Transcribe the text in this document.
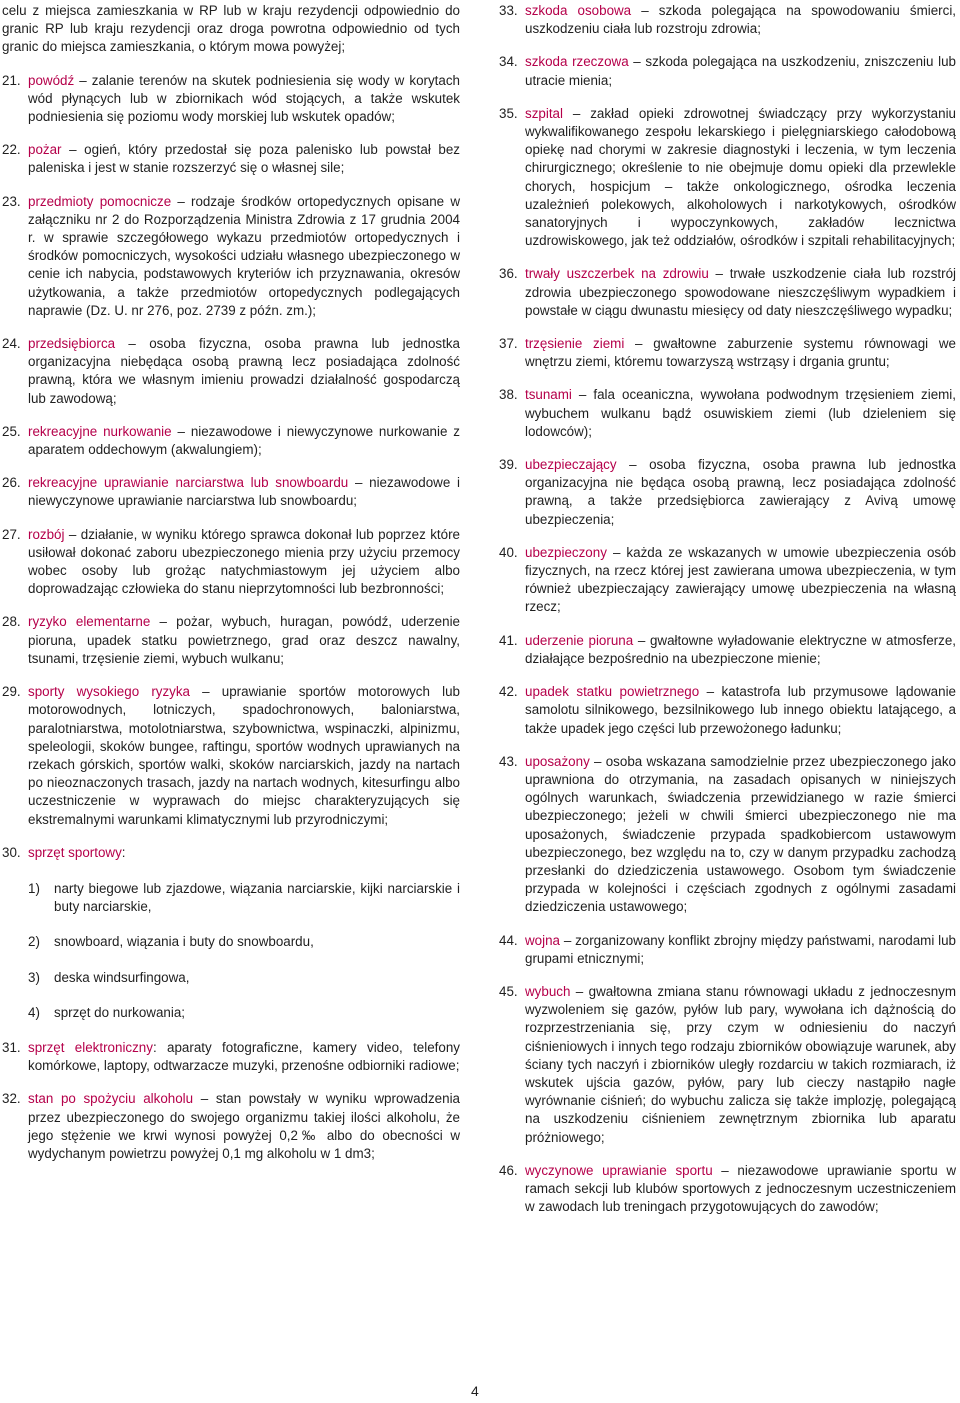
celu z miejsca zamieszkania w RP lub w kraju rezydencji odpowiednio do granic RP lub kraju rezydencji oraz droga powrotna odpowiednio od tych granic do miejsca zamieszkania, o którym mowa powyżej;

21. powódź – zalanie terenów na skutek podniesienia się wody w korytach wód płynących lub w zbiornikach wód stojących, a także wskutek podniesienia się poziomu wody morskiej lub wskutek opadów;
22. pożar – ogień, który przedostał się poza palenisko lub powstał bez paleniska i jest w stanie rozszerzyć się o własnej sile;
23. przedmioty pomocnicze – rodzaje środków ortopedycznych opisane w załączniku nr 2 do Rozporządzenia Ministra Zdrowia z 17 grudnia 2004 r. w sprawie szczegółowego wykazu przedmiotów ortopedycznych i środków pomocniczych, wysokości udziału własnego ubezpieczonego w cenie ich nabycia, podstawowych kryteriów ich przyznawania, okresów użytkowania, a także przedmiotów ortopedycznych podlegających naprawie (Dz. U. nr 276, poz. 2739 z późn. zm.);
24. przedsiębiorca – osoba fizyczna, osoba prawna lub jednostka organizacyjna niebędąca osobą prawną lecz posiadająca zdolność prawną, która we własnym imieniu prowadzi działalność gospodarczą lub zawodową;
25. rekreacyjne nurkowanie – niezawodowe i niewyczynowe nurkowanie z aparatem oddechowym (akwalungiem);
26. rekreacyjne uprawianie narciarstwa lub snowboardu – niezawodowe i niewyczynowe uprawianie narciarstwa lub snowboardu;
27. rozbój – działanie, w wyniku którego sprawca dokonał lub poprzez które usiłował dokonać zaboru ubezpieczonego mienia przy użyciu przemocy wobec osoby lub grożąc natychmiastowym jej użyciem albo doprowadzając człowieka do stanu nieprzytomności lub bezbronności;
28. ryzyko elementarne – pożar, wybuch, huragan, powódź, uderzenie pioruna, upadek statku powietrznego, grad oraz deszcz nawalny, tsunami, trzęsienie ziemi, wybuch wulkanu;
29. sporty wysokiego ryzyka – uprawianie sportów motorowych lub motorowodnych, lotniczych, spadochronowych, baloniarstwa, paralotniarstwa, motolotniarstwa, szybownictwa, wspinaczki, alpinizmu, speleologii, skoków bungee, raftingu, sportów wodnych uprawianych na rzekach górskich, sportów walki, skoków narciarskich, jazdy na nartach po nieoznaczonych trasach, jazdy na nartach wodnych, kitesurfingu albo uczestniczenie w wyprawach do miejsc charakteryzujących się ekstremalnymi warunkami klimatycznymi lub przyrodniczymi;
30. sprzęt sportowy:
1) narty biegowe lub zjazdowe, wiązania narciarskie, kijki narciarskie i buty narciarskie,
2) snowboard, wiązania i buty do snowboardu,
3) deska windsurfingowa,
4) sprzęt do nurkowania;
31. sprzęt elektroniczny: aparaty fotograficzne, kamery video, telefony komórkowe, laptopy, odtwarzacze muzyki, przenośne odbiorniki radiowe;
32. stan po spożyciu alkoholu – stan powstały w wyniku wprowadzenia przez ubezpieczonego do swojego organizmu takiej ilości alkoholu, że jego stężenie we krwi wynosi powyżej 0,2‰ albo do obecności w wydychanym powietrzu powyżej 0,1 mg alkoholu w 1 dm3;
33. szkoda osobowa – szkoda polegająca na spowodowaniu śmierci, uszkodzeniu ciała lub rozstroju zdrowia;
34. szkoda rzeczowa – szkoda polegająca na uszkodzeniu, zniszczeniu lub utracie mienia;
35. szpital – zakład opieki zdrowotnej świadczący przy wykorzystaniu wykwalifikowanego zespołu lekarskiego i pielęgniarskiego całodobową opiekę nad chorymi w zakresie diagnostyki i leczenia, w tym leczenia chirurgicznego; określenie to nie obejmuje domu opieki dla przewlekle chorych, hospicjum – także onkologicznego, ośrodka leczenia uzależnień polekowych, alkoholowych i narkotykowych, ośrodków sanatoryjnych i wypoczynkowych, zakładów lecznictwa uzdrowiskowego, jak też oddziałów, ośrodków i szpitali rehabilitacyjnych;
36. trwały uszczerbek na zdrowiu – trwałe uszkodzenie ciała lub rozstrój zdrowia ubezpieczonego spowodowane nieszczęśliwym wypadkiem i powstałe w ciągu dwunastu miesięcy od daty nieszczęśliwego wypadku;
37. trzęsienie ziemi – gwałtowne zaburzenie systemu równowagi we wnętrzu ziemi, któremu towarzyszą wstrząsy i drgania gruntu;
38. tsunami – fala oceaniczna, wywołana podwodnym trzęsieniem ziemi, wybuchem wulkanu bądź osuwiskiem ziemi (lub dzieleniem się lodowców);
39. ubezpieczający – osoba fizyczna, osoba prawna lub jednostka organizacyjna nie będąca osobą prawną, lecz posiadająca zdolność prawną, a także przedsiębiorca zawierający z Avivą umowę ubezpieczenia;
40. ubezpieczony – każda ze wskazanych w umowie ubezpieczenia osób fizycznych, na rzecz której jest zawierana umowa ubezpieczenia, w tym również ubezpieczający zawierający umowę ubezpieczenia na własną rzecz;
41. uderzenie pioruna – gwałtowne wyładowanie elektryczne w atmosferze, działające bezpośrednio na ubezpieczone mienie;
42. upadek statku powietrznego – katastrofa lub przymusowe lądowanie samolotu silnikowego, bezsilnikowego lub innego obiektu latającego, a także upadek jego części lub przewożonego ładunku;
43. uposażony – osoba wskazana samodzielnie przez ubezpieczonego jako uprawniona do otrzymania, na zasadach opisanych w niniejszych ogólnych warunkach, świadczenia przewidzianego w razie śmierci ubezpieczonego; jeżeli w chwili śmierci ubezpieczonego nie ma uposażonych, świadczenie przypada spadkobiercom ustawowym ubezpieczonego, bez względu na to, czy w danym przypadku zachodzą przesłanki do dziedziczenia ustawowego. Osobom tym świadczenie przypada w kolejności i częściach zgodnych z ogólnymi zasadami dziedziczenia ustawowego;
44. wojna – zorganizowany konflikt zbrojny między państwami, narodami lub grupami etnicznymi;
45. wybuch – gwałtowna zmiana stanu równowagi układu z jednoczesnym wyzwoleniem się gazów, pyłów lub pary, wywołana ich dążnością do rozprzestrzeniania się, przy czym w odniesieniu do naczyń ciśnieniowych i innych tego rodzaju zbiorników obowiązuje warunek, aby ściany tych naczyń i zbiorników uległy rozdarciu w takich rozmiarach, iż wskutek ujścia gazów, pyłów, pary lub cieczy nastąpiło nagłe wyrównanie ciśnień; do wybuchu zalicza się także implozję, polegającą na uszkodzeniu ciśnieniem zewnętrznym zbiornika lub aparatu próżniowego;
46. wyczynowe uprawianie sportu – niezawodowe uprawianie sportu w ramach sekcji lub klubów sportowych z jednoczesnym uczestniczeniem w zawodach lub treningach przygotowujących do zawodów;
4
